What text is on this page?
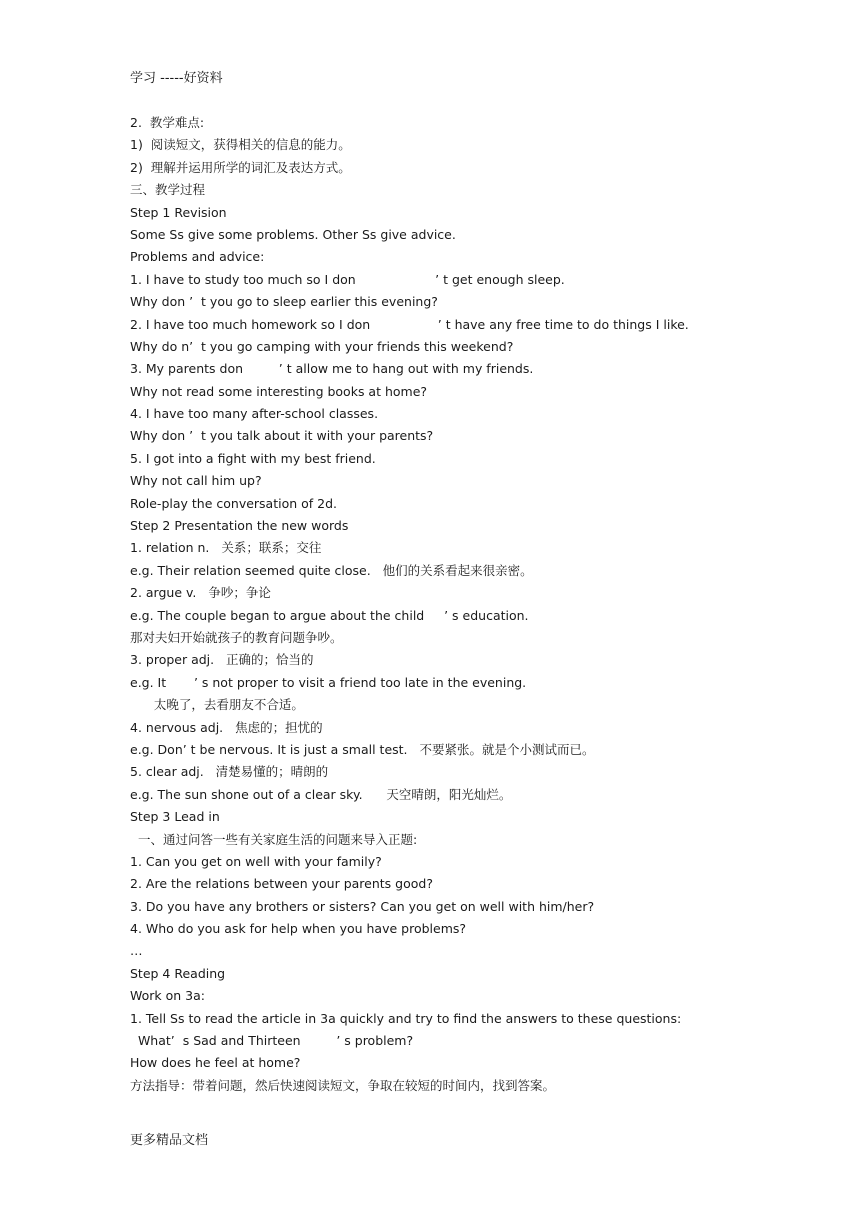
学习 -----好资料
2.  教学难点:
1)  阅读短文，获得相关的信息的能力。
2)  理解并运用所学的词汇及表达方式。
三、教学过程
Step 1 Revision
Some Ss give some problems. Other Ss give advice.
Problems and advice:
1. I have to study too much so I don                    ’ t get enough sleep.
Why don ’  t you go to sleep earlier this evening?
2. I have too much homework so I don                 ’ t have any free time to do things I like.
Why do n’  t you go camping with your friends this weekend?
3. My parents don         ’ t allow me to hang out with my friends.
Why not read some interesting books at home?
4. I have too many after-school classes.
Why don ’  t you talk about it with your parents?
5. I got into a fight with my best friend.
Why not call him up?
Role-play the conversation of 2d.
Step 2 Presentation the new words
1. relation n.   关系；联系；交往
e.g. Their relation seemed quite close.   他们的关系看起来很亲密。
2. argue v.   争吵；争论
e.g. The couple began to argue about the child     ’ s education.
那对夫妇开始就孩子的教育问题争吵。
3. proper adj.   正确的；恰当的
e.g. It       ’ s not proper to visit a friend too late in the evening.
太晚了，去看朋友不合适。
4. nervous adj.   焦虑的；担忧的
e.g. Don’ t be nervous. It is just a small test.   不要紧张。就是个小测试而已。
5. clear adj.   清楚易懂的；晴朗的
e.g. The sun shone out of a clear sky.      天空晴朗，阳光灿烂。
Step 3 Lead in
一、通过问答一些有关家庭生活的问题来导入正题:
1. Can you get on well with your family?
2. Are the relations between your parents good?
3. Do you have any brothers or sisters? Can you get on well with him/her?
4. Who do you ask for help when you have problems?
…
Step 4 Reading
Work on 3a:
1. Tell Ss to read the article in 3a quickly and try to find the answers to these questions:
What’  s Sad and Thirteen         ’ s problem?
How does he feel at home?
方法指导：带着问题，然后快速阅读短文，争取在较短的时间内，找到答案。
更多精品文档
